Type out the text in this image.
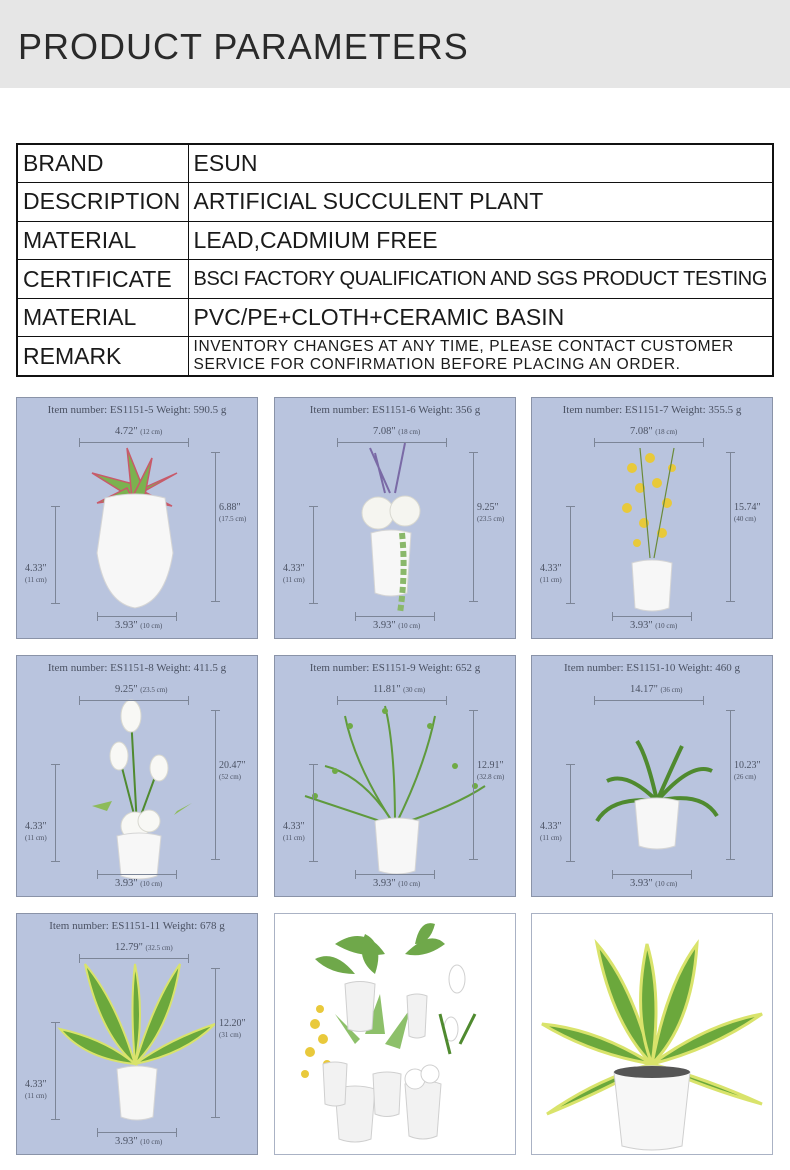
PRODUCT PARAMETERS
BRAND	ESUN
DESCRIPTION	ARTIFICIAL SUCCULENT PLANT
MATERIAL	LEAD,CADMIUM FREE
CERTIFICATE	BSCI FACTORY QUALIFICATION AND SGS PRODUCT TESTING
MATERIAL	PVC/PE+CLOTH+CERAMIC BASIN
REMARK	INVENTORY CHANGES AT ANY TIME, PLEASE CONTACT CUSTOMER SERVICE FOR CONFIRMATION BEFORE PLACING AN ORDER.
Item number: ES1151-5 Weight: 590.5 g
4.72" (12 cm)
6.88"
(17.5 cm)
4.33"
(11 cm)
3.93" (10 cm)
Item number: ES1151-6 Weight: 356 g
7.08" (18 cm)
9.25"
(23.5 cm)
4.33"
(11 cm)
3.93" (10 cm)
Item number: ES1151-7 Weight: 355.5 g
7.08" (18 cm)
15.74"
(40 cm)
4.33"
(11 cm)
3.93" (10 cm)
Item number: ES1151-8 Weight: 411.5 g
9.25" (23.5 cm)
20.47"
(52 cm)
4.33"
(11 cm)
3.93" (10 cm)
Item number: ES1151-9 Weight: 652 g
11.81" (30 cm)
12.91"
(32.8 cm)
4.33"
(11 cm)
3.93" (10 cm)
Item number: ES1151-10 Weight: 460 g
14.17" (36 cm)
10.23"
(26 cm)
4.33"
(11 cm)
3.93" (10 cm)
Item number: ES1151-11 Weight: 678 g
12.79" (32.5 cm)
12.20"
(31 cm)
4.33"
(11 cm)
3.93" (10 cm)
